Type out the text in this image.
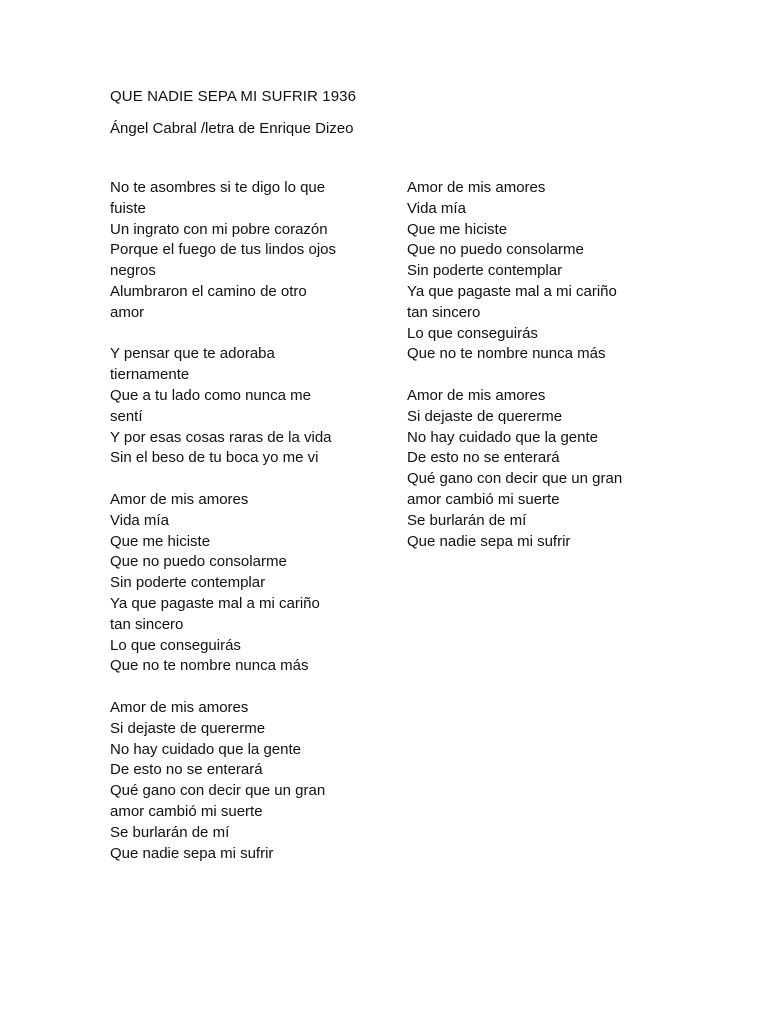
QUE NADIE SEPA MI SUFRIR 1936
Ángel Cabral /letra de Enrique Dizeo
No te asombres si te digo lo que
fuiste
Un ingrato con mi pobre corazón
Porque el fuego de tus lindos ojos
negros
Alumbraron el camino de otro
amor
Y pensar que te adoraba
tiernamente
Que a tu lado como nunca me
sentí
Y por esas cosas raras de la vida
Sin el beso de tu boca yo me vi
Amor de mis amores
Vida mía
Que me hiciste
Que no puedo consolarme
Sin poderte contemplar
Ya que pagaste mal a mi cariño
tan sincero
Lo que conseguirás
Que no te nombre nunca más
Amor de mis amores
Si dejaste de quererme
No hay cuidado que la gente
De esto no se enterará
Qué gano con decir que un gran
amor cambió mi suerte
Se burlarán de mí
Que nadie sepa mi sufrir
Amor de mis amores
Vida mía
Que me hiciste
Que no puedo consolarme
Sin poderte contemplar
Ya que pagaste mal a mi cariño
tan sincero
Lo que conseguirás
Que no te nombre nunca más
Amor de mis amores
Si dejaste de quererme
No hay cuidado que la gente
De esto no se enterará
Qué gano con decir que un gran
amor cambió mi suerte
Se burlarán de mí
Que nadie sepa mi sufrir
